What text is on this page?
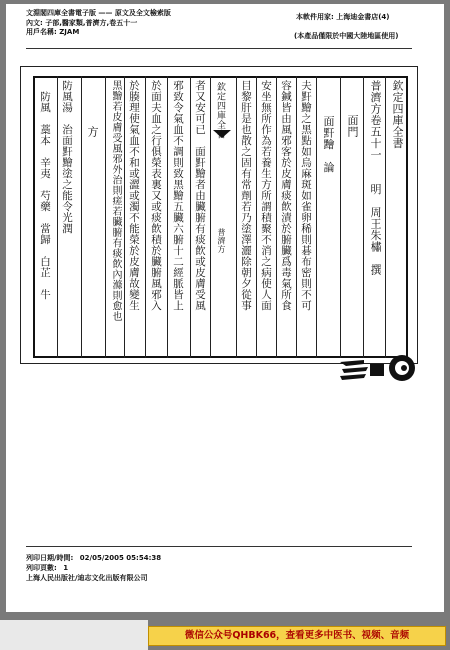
文淵閣四庫全書電子版 —— 原文及全文檢索版
內文: 子部,醫家類,普濟方,卷五十一
用戶名稱: ZJAM
本軟件用家: 上海迪金書店(4)
(本產品僅限於中國大陸地區使用)
欽定四庫全書
普濟方卷五十一　　明　周王朱橚　撰
　　　面門
　面䵟䵳　論
夫䵟䵳之黑點如烏麻斑如雀卵稀則碁布密則不可
容鍼皆由風邪客於皮膚痰飲漬於腑臟爲毒氣所食
安坐無所作為若養生方所謂積聚不消之病使人面
目黎肝是也散之固有常劑若乃塗澤灑除朝夕從事
欽定四庫全書
普濟方
者又安可已　面䵟䵳者由臟腑有痰飲或皮膚受風
邪致令氣血不調則致黑䵳五臟六腑十二經脈皆上
於面夫血之行俱榮表裏又或痰飲積於臟腑風邪入
於腠理使氣血不和或澀或濁不能榮於皮膚故變生
黑䵳若皮膚受風邪外治則瘥若臟腑有痰飲內滌則愈也
　　　　方
防風湯　治面䵟䵳塗之能令光潤
　防風　藁本　辛夷　芍藥　當歸　白芷　牛
列印日期/時間: 02/05/2005 05:54:38
列印頁數: 1
上海人民出版社/迪志文化出版有限公司
微信公众号QHBK66，查看更多中医书、视频、音频
